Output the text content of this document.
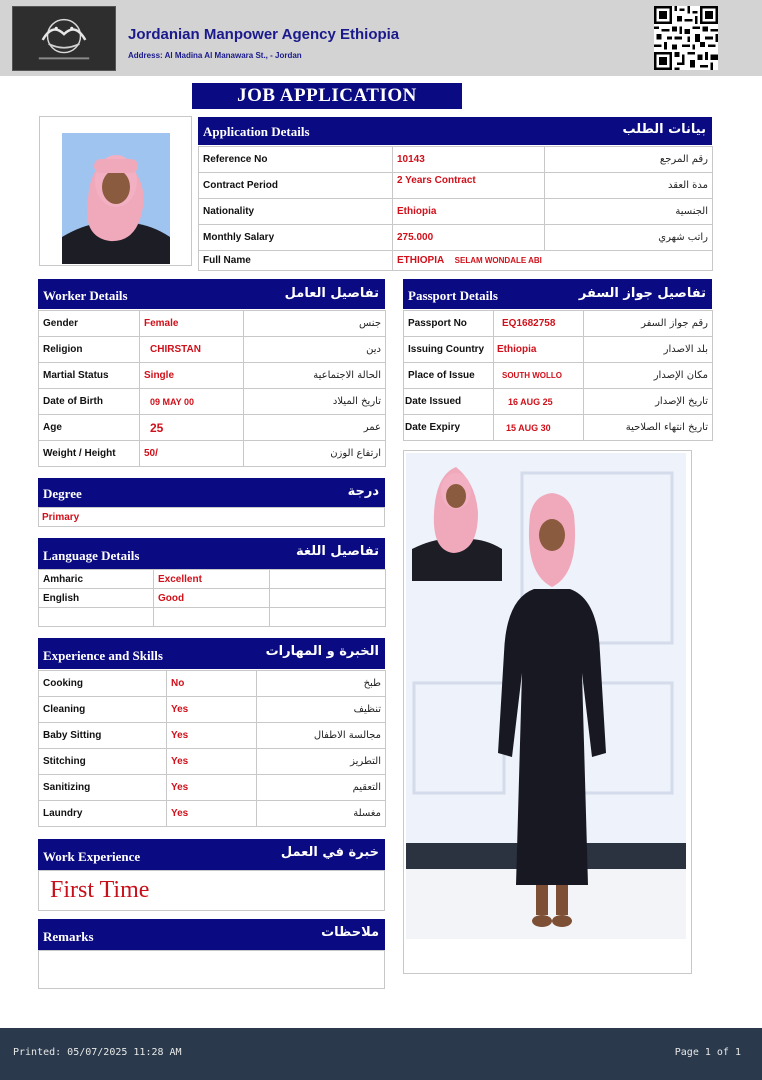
Jordanian Manpower Agency Ethiopia
Address: Al Madina Al Manawara St., - Jordan
JOB APPLICATION
Application Details	بيانات الطلب
Reference No	10143	رقم المرجع
Contract Period	2 Years Contract	مدة العقد
Nationality	Ethiopia	الجنسية
Monthly Salary	275.000	راتب شهري
Full Name	ETHIOPIA SELAM WONDALE ABI	
Worker Details	تفاصيل العامل
Gender	Female	جنس
Religion	CHIRSTAN	دين
Martial Status	Single	الحالة الاجتماعية
Date of Birth	09 MAY 00	تاريخ الميلاد
Age	25	عمر
Weight / Height	50/	ارتفاع الوزن
Passport Details	تفاصيل جواز السفر
Passport No	EQ1682758	رقم جواز السفر
Issuing Country	Ethiopia	بلد الاصدار
Place of Issue	SOUTH WOLLO	مكان الإصدار
Date Issued	16 AUG 25	تاريخ الإصدار
Date Expiry	15 AUG 30	تاريخ انتهاء الصلاحية
Degree	درجة
Primary
Language Details	تفاصيل اللغة
Amharic	Excellent	
English	Good	

Experience and Skills	الخبرة و المهارات
Cooking	No	طبخ
Cleaning	Yes	تنظيف
Baby Sitting	Yes	مجالسة الاطفال
Stitching	Yes	التطريز
Sanitizing	Yes	التعقيم
Laundry	Yes	مغسلة
Work Experience	خبرة في العمل
First Time
Remarks	ملاحظات
Printed: 05/07/2025 11:28 AM	Page 1 of 1
